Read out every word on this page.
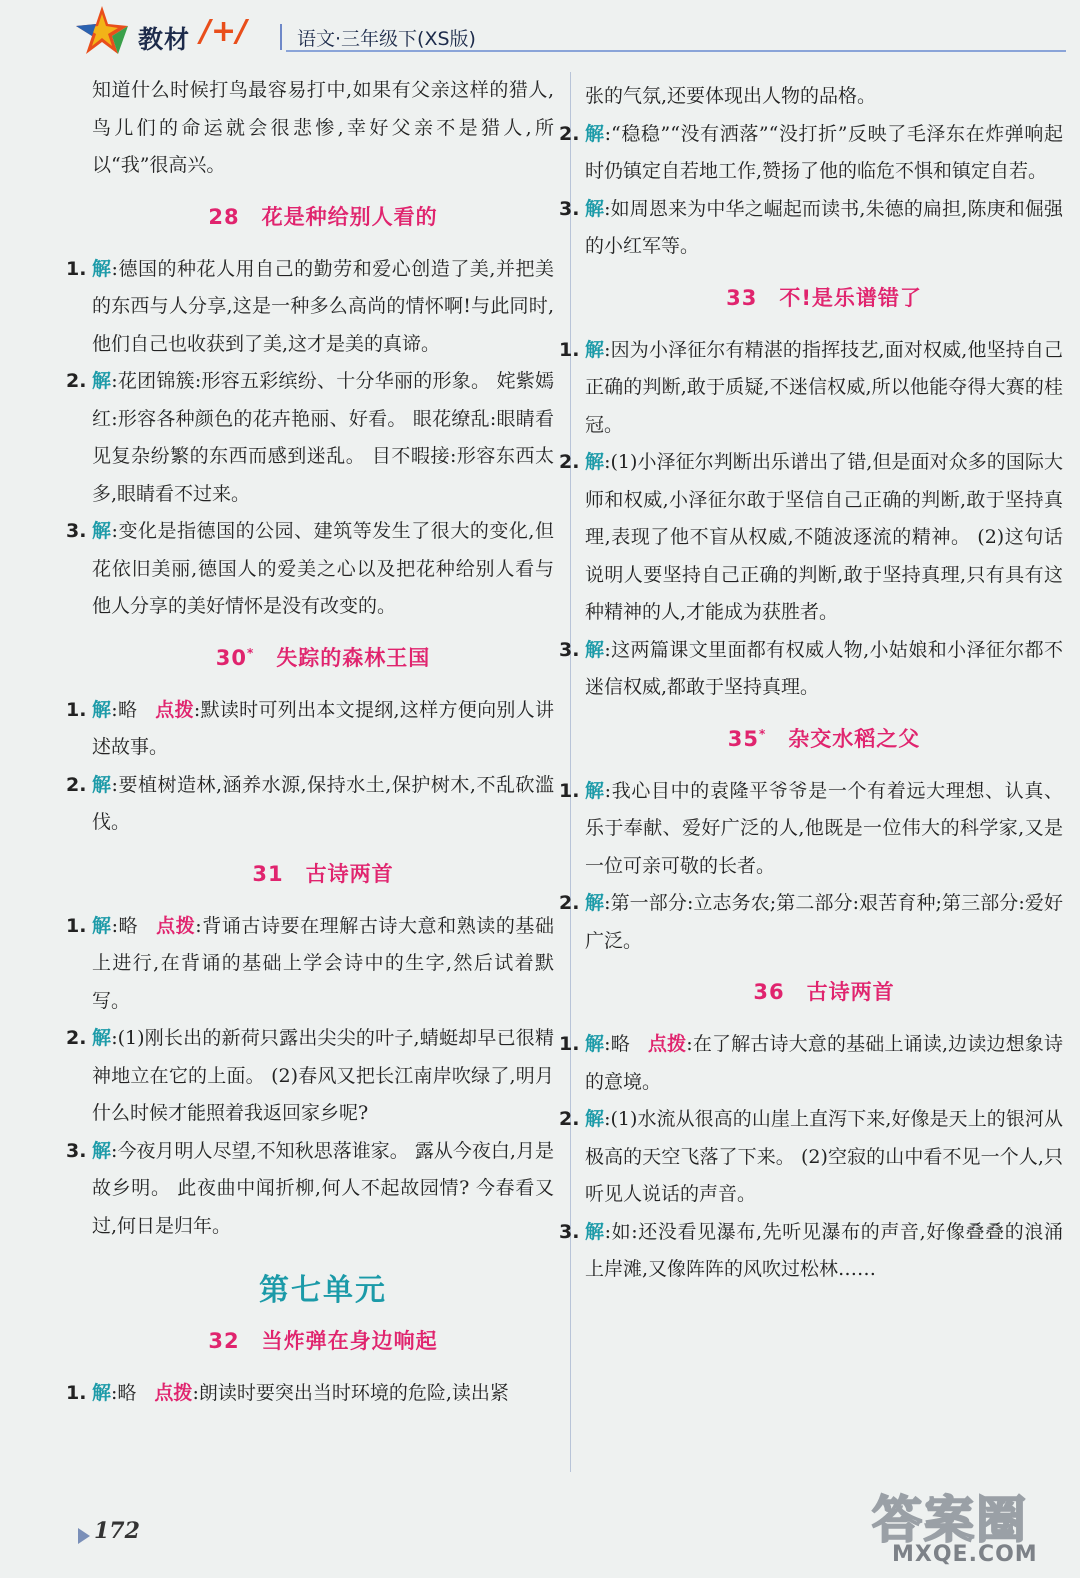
教材 /+/	语文·三年级下(XS版)
知道什么时候打鸟最容易打中,如果有父亲这样的猎人,鸟儿们的命运就会很悲惨,幸好父亲不是猎人,所以“我”很高兴。
28 花是种给别人看的
1. 解:德国的种花人用自己的勤劳和爱心创造了美,并把美的东西与人分享,这是一种多么高尚的情怀啊!与此同时,他们自己也收获到了美,这才是美的真谛。
2. 解:花团锦簇:形容五彩缤纷、十分华丽的形象。 姹紫嫣红:形容各种颜色的花卉艳丽、好看。 眼花缭乱:眼睛看见复杂纷繁的东西而感到迷乱。 目不暇接:形容东西太多,眼睛看不过来。
3. 解:变化是指德国的公园、建筑等发生了很大的变化,但花依旧美丽,德国人的爱美之心以及把花种给别人看与他人分享的美好情怀是没有改变的。
30* 失踪的森林王国
1. 解:略 点拨:默读时可列出本文提纲,这样方便向别人讲述故事。
2. 解:要植树造林,涵养水源,保持水土,保护树木,不乱砍滥伐。
31 古诗两首
1. 解:略 点拨:背诵古诗要在理解古诗大意和熟读的基础上进行,在背诵的基础上学会诗中的生字,然后试着默写。
2. 解:(1)刚长出的新荷只露出尖尖的叶子,蜻蜓却早已很精神地立在它的上面。 (2)春风又把长江南岸吹绿了,明月什么时候才能照着我返回家乡呢?
3. 解:今夜月明人尽望,不知秋思落谁家。 露从今夜白,月是故乡明。 此夜曲中闻折柳,何人不起故园情? 今春看又过,何日是归年。
第七单元
32 当炸弹在身边响起
1. 解:略 点拨:朗读时要突出当时环境的危险,读出紧
张的气氛,还要体现出人物的品格。
2. 解:“稳稳”“没有洒落”“没打折”反映了毛泽东在炸弹响起时仍镇定自若地工作,赞扬了他的临危不惧和镇定自若。
3. 解:如周恩来为中华之崛起而读书,朱德的扁担,陈庚和倔强的小红军等。
33 不!是乐谱错了
1. 解:因为小泽征尔有精湛的指挥技艺,面对权威,他坚持自己正确的判断,敢于质疑,不迷信权威,所以他能夺得大赛的桂冠。
2. 解:(1)小泽征尔判断出乐谱出了错,但是面对众多的国际大师和权威,小泽征尔敢于坚信自己正确的判断,敢于坚持真理,表现了他不盲从权威,不随波逐流的精神。 (2)这句话说明人要坚持自己正确的判断,敢于坚持真理,只有具有这种精神的人,才能成为获胜者。
3. 解:这两篇课文里面都有权威人物,小姑娘和小泽征尔都不迷信权威,都敢于坚持真理。
35* 杂交水稻之父
1. 解:我心目中的袁隆平爷爷是一个有着远大理想、认真、乐于奉献、爱好广泛的人,他既是一位伟大的科学家,又是一位可亲可敬的长者。
2. 解:第一部分:立志务农;第二部分:艰苦育种;第三部分:爱好广泛。
36 古诗两首
1. 解:略 点拨:在了解古诗大意的基础上诵读,边读边想象诗的意境。
2. 解:(1)水流从很高的山崖上直泻下来,好像是天上的银河从极高的天空飞落了下来。 (2)空寂的山中看不见一个人,只听见人说话的声音。
3. 解:如:还没看见瀑布,先听见瀑布的声音,好像叠叠的浪涌上岸滩,又像阵阵的风吹过松林……
172	答案圈
MXQE.COM
